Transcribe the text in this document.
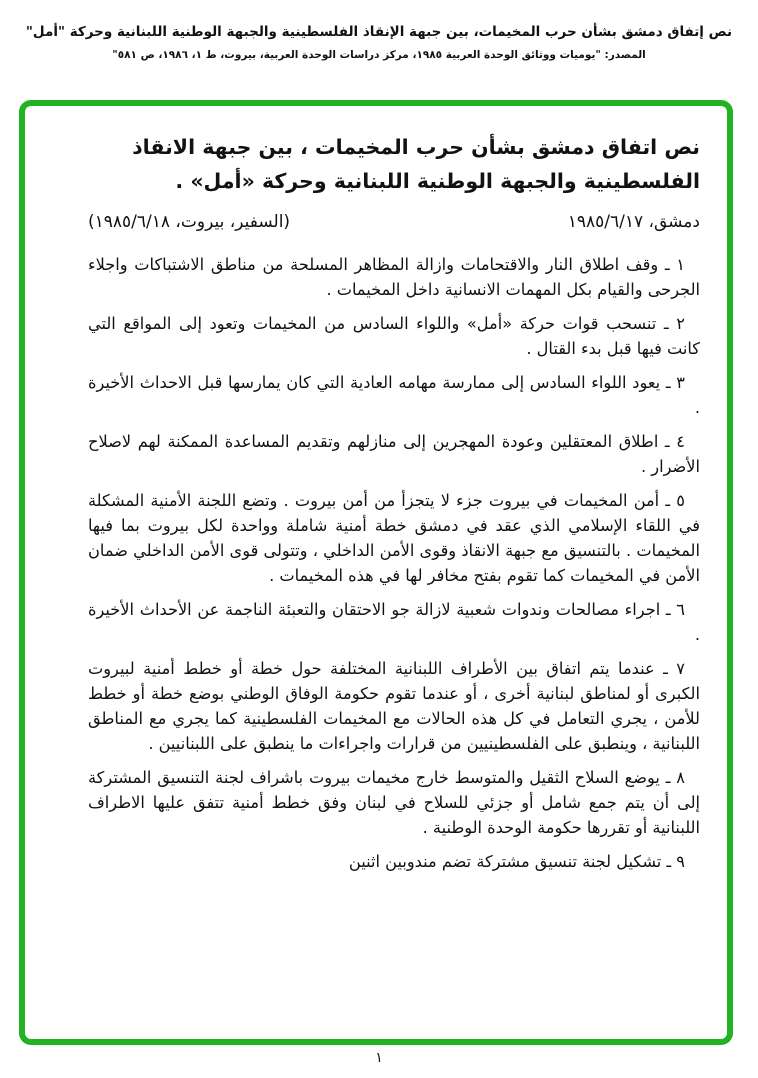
نص إتفاق دمشق بشأن حرب المخيمات، بين جبهة الإنقاذ الفلسطينية والجبهة الوطنية اللبنانية وحركة "أمل"
المصدر: "يوميات ووثائق الوحدة العربية ١٩٨٥، مركز دراسات الوحدة العربية، بيروت، ط ١، ١٩٨٦، ص ٥٨١"
نص اتفاق دمشق بشأن حرب المخيمات ، بين جبهة الانقاذ الفلسطينية والجبهة الوطنية اللبنانية وحركة «أمل» .
دمشق، ١٩٨٥/٦/١٧
(السفير، بيروت، ١٩٨٥/٦/١٨)

١ ـ وقف اطلاق النار والاقتحامات وازالة المظاهر المسلحة من مناطق الاشتباكات واجلاء الجرحى والقيام بكل المهمات الانسانية داخل المخيمات .

٢ ـ تنسحب قوات حركة «أمل» واللواء السادس من المخيمات وتعود إلى المواقع التي كانت فيها قبل بدء القتال .

٣ ـ يعود اللواء السادس إلى ممارسة مهامه العادية التي كان يمارسها قبل الاحداث الأخيرة .

٤ ـ اطلاق المعتقلين وعودة المهجرين إلى منازلهم وتقديم المساعدة الممكنة لهم لاصلاح الأضرار .

٥ ـ أمن المخيمات في بيروت جزء لا يتجزأ من أمن بيروت . وتضع اللجنة الأمنية المشكلة في اللقاء الإسلامي الذي عقد في دمشق خطة أمنية شاملة وواحدة لكل بيروت بما فيها المخيمات . بالتنسيق مع جبهة الانقاذ وقوى الأمن الداخلي ، وتتولى قوى الأمن الداخلي ضمان الأمن في المخيمات كما تقوم بفتح مخافر لها في هذه المخيمات .

٦ ـ اجراء مصالحات وندوات شعبية لازالة جو الاحتقان والتعبئة الناجمة عن الأحداث الأخيرة .

٧ ـ عندما يتم اتفاق بين الأطراف اللبنانية المختلفة حول خطة أو خطط أمنية لبيروت الكبرى أو لمناطق لبنانية أخرى ، أو عندما تقوم حكومة الوفاق الوطني بوضع خطة أو خطط للأمن ، يجري التعامل في كل هذه الحالات مع المخيمات الفلسطينية كما يجري مع المناطق اللبنانية ، وينطبق على الفلسطينيين من قرارات واجراءات ما ينطبق على اللبنانيين .

٨ ـ يوضع السلاح الثقيل والمتوسط خارج مخيمات بيروت باشراف لجنة التنسيق المشتركة إلى أن يتم جمع شامل أو جزئي للسلاح في لبنان وفق خطط أمنية تتفق عليها الاطراف اللبنانية أو تقررها حكومة الوحدة الوطنية .

٩ ـ تشكيل لجنة تنسيق مشتركة تضم مندوبين اثنين

١
